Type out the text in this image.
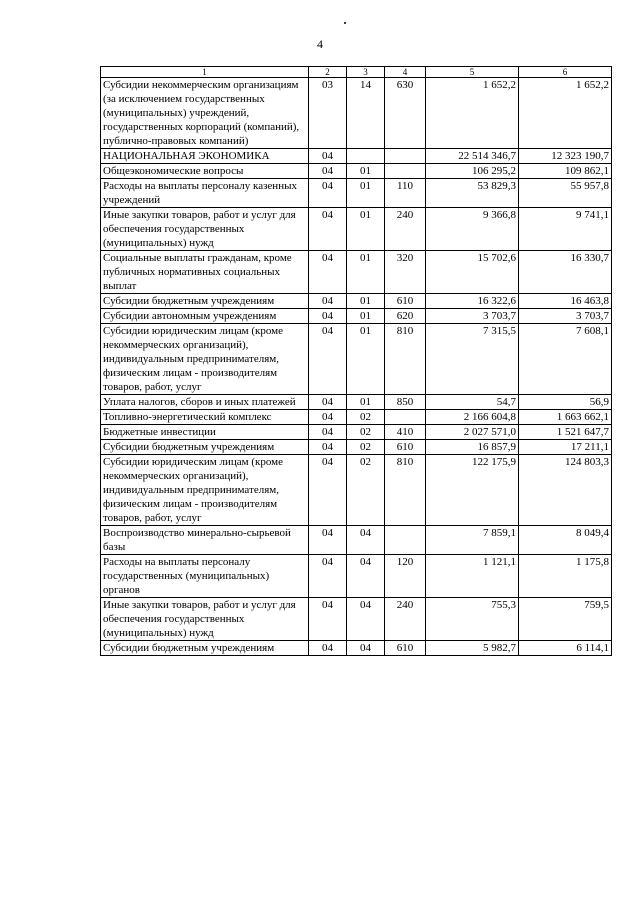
4
1	2	3	4	5	6
Субсидии некоммерческим организациям (за исключением государственных (муниципальных) учреждений, государственных корпораций (компаний), публично-правовых компаний)	03	14	630	1 652,2	1 652,2
НАЦИОНАЛЬНАЯ ЭКОНОМИКА	04			22 514 346,7	12 323 190,7
Общеэкономические вопросы	04	01		106 295,2	109 862,1
Расходы на выплаты персоналу казенных учреждений	04	01	110	53 829,3	55 957,8
Иные закупки товаров, работ и услуг для обеспечения государственных (муниципальных) нужд	04	01	240	9 366,8	9 741,1
Социальные выплаты гражданам, кроме публичных нормативных социальных выплат	04	01	320	15 702,6	16 330,7
Субсидии бюджетным учреждениям	04	01	610	16 322,6	16 463,8
Субсидии автономным учреждениям	04	01	620	3 703,7	3 703,7
Субсидии юридическим лицам (кроме некоммерческих организаций), индивидуальным предпринимателям, физическим лицам - производителям товаров, работ, услуг	04	01	810	7 315,5	7 608,1
Уплата налогов, сборов и иных платежей	04	01	850	54,7	56,9
Топливно-энергетический комплекс	04	02		2 166 604,8	1 663 662,1
Бюджетные инвестиции	04	02	410	2 027 571,0	1 521 647,7
Субсидии бюджетным учреждениям	04	02	610	16 857,9	17 211,1
Субсидии юридическим лицам (кроме некоммерческих организаций), индивидуальным предпринимателям, физическим лицам - производителям товаров, работ, услуг	04	02	810	122 175,9	124 803,3
Воспроизводство минерально-сырьевой базы	04	04		7 859,1	8 049,4
Расходы на выплаты персоналу государственных (муниципальных) органов	04	04	120	1 121,1	1 175,8
Иные закупки товаров, работ и услуг для обеспечения государственных (муниципальных) нужд	04	04	240	755,3	759,5
Субсидии бюджетным учреждениям	04	04	610	5 982,7	6 114,1
